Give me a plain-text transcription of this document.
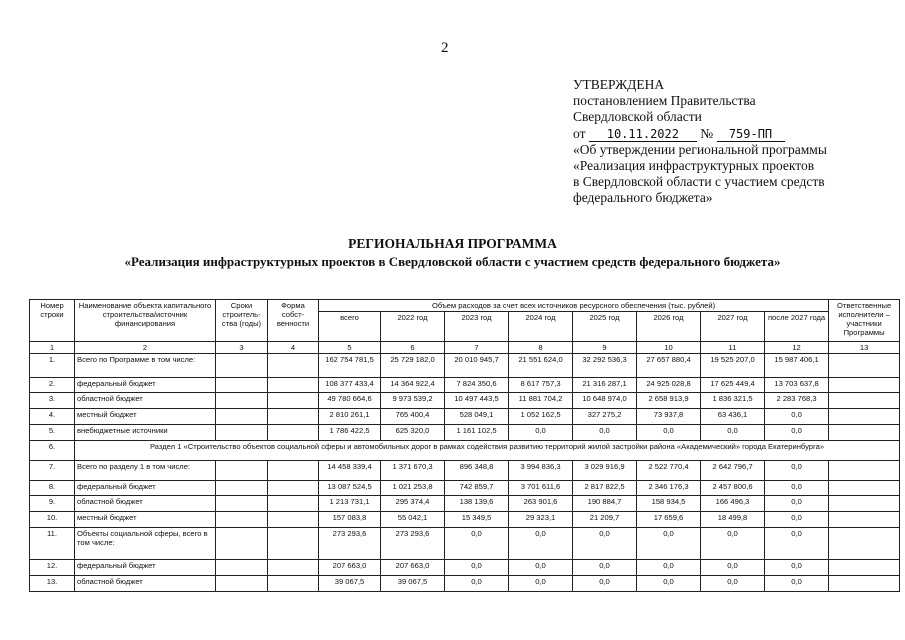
2
УТВЕРЖДЕНА
постановлением Правительства
Свердловской области
от 10.11.2022 № 759-ПП
«Об утверждении региональной программы
«Реализация инфраструктурных проектов
в Свердловской области с участием средств
федерального бюджета»
РЕГИОНАЛЬНАЯ ПРОГРАММА
«Реализация инфраструктурных проектов в Свердловской области с участием средств федерального бюджета»
Номер строки	Наименование объекта капитального строительства/источник финансирования	Сроки строитель-ства (годы)	Форма собст-венности	Объем расходов за счет всех источников ресурсного обеспечения (тыс. рублей)								Ответственные исполнители – участники Программы
				всего	2022 год	2023 год	2024 год	2025 год	2026 год	2027 год	после 2027 года	
1	2	3	4	5	6	7	8	9	10	11	12	13
1.	Всего по Программе в том числе:			162 754 781,5	25 729 182,0	20 010 945,7	21 551 624,0	32 292 536,3	27 657 880,4	19 525 207,0	15 987 406,1	
2.	федеральный бюджет			108 377 433,4	14 364 922,4	7 824 350,6	8 617 757,3	21 316 287,1	24 925 028,8	17 625 449,4	13 703 637,8	
3.	областной бюджет			49 780 664,6	9 973 539,2	10 497 443,5	11 881 704,2	10 648 974,0	2 658 913,9	1 836 321,5	2 283 768,3	
4.	местный бюджет			2 810 261,1	765 400,4	528 049,1	1 052 162,5	327 275,2	73 937,8	63 436,1	0,0	
5.	внебюджетные источники			1 786 422,5	625 320,0	1 161 102,5	0,0	0,0	0,0	0,0	0,0	
6.	Раздел 1 «Строительство объектов социальной сферы и автомобильных дорог в рамках содействия развитию территорий жилой застройки района «Академический» города Екатеринбурга»											
7.	Всего по разделу 1 в том числе:			14 458 339,4	1 371 670,3	896 348,8	3 994 836,3	3 029 916,9	2 522 770,4	2 642 796,7	0,0	
8.	федеральный бюджет			13 087 524,5	1 021 253,8	742 859,7	3 701 611,6	2 817 822,5	2 346 176,3	2 457 800,6	0,0	
9.	областной бюджет			1 213 731,1	295 374,4	138 139,6	263 901,6	190 884,7	158 934,5	166 496,3	0,0	
10.	местный бюджет			157 083,8	55 042,1	15 349,5	29 323,1	21 209,7	17 659,6	18 499,8	0,0	
11.	Объекты социальной сферы, всего в том числе:			273 293,6	273 293,6	0,0	0,0	0,0	0,0	0,0	0,0	
12.	федеральный бюджет			207 663,0	207 663,0	0,0	0,0	0,0	0,0	0,0	0,0	
13.	областной бюджет			39 067,5	39 067,5	0,0	0,0	0,0	0,0	0,0	0,0	
